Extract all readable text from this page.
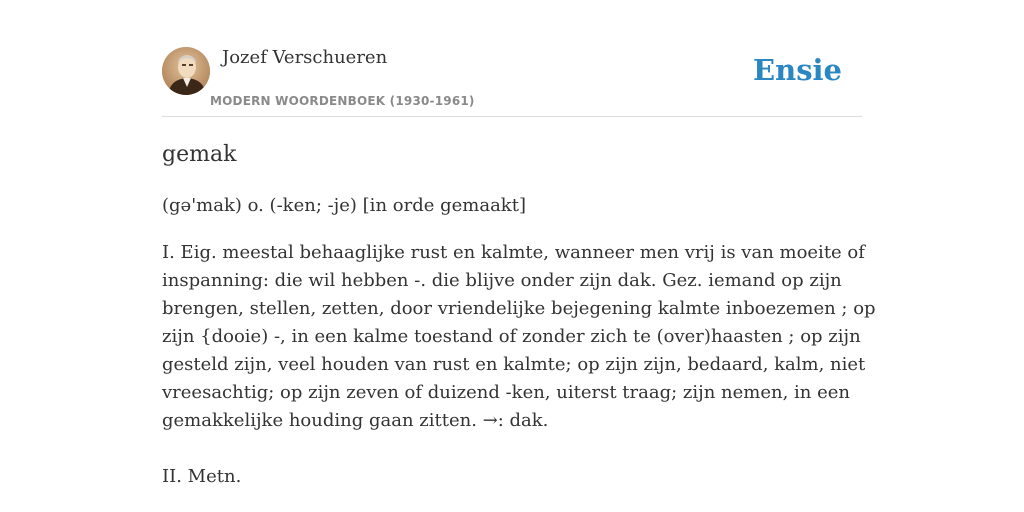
Jozef Verschueren
MODERN WOORDENBOEK (1930-1961)
Ensie
gemak
(gə'mak) o. (-ken; -je) [in orde gemaakt]
I. Eig. meestal behaaglijke rust en kalmte, wanneer men vrij is van moeite of
inspanning: die wil hebben -. die blijve onder zijn dak. Gez. iemand op zijn
brengen, stellen, zetten, door vriendelijke bejegening kalmte inboezemen ; op
zijn {dooie) -, in een kalme toestand of zonder zich te (over)haasten ; op zijn
gesteld zijn, veel houden van rust en kalmte; op zijn zijn, bedaard, kalm, niet
vreesachtig; op zijn zeven of duizend -ken, uiterst traag; zijn nemen, in een
gemakkelijke houding gaan zitten. →: dak.
II. Metn.
